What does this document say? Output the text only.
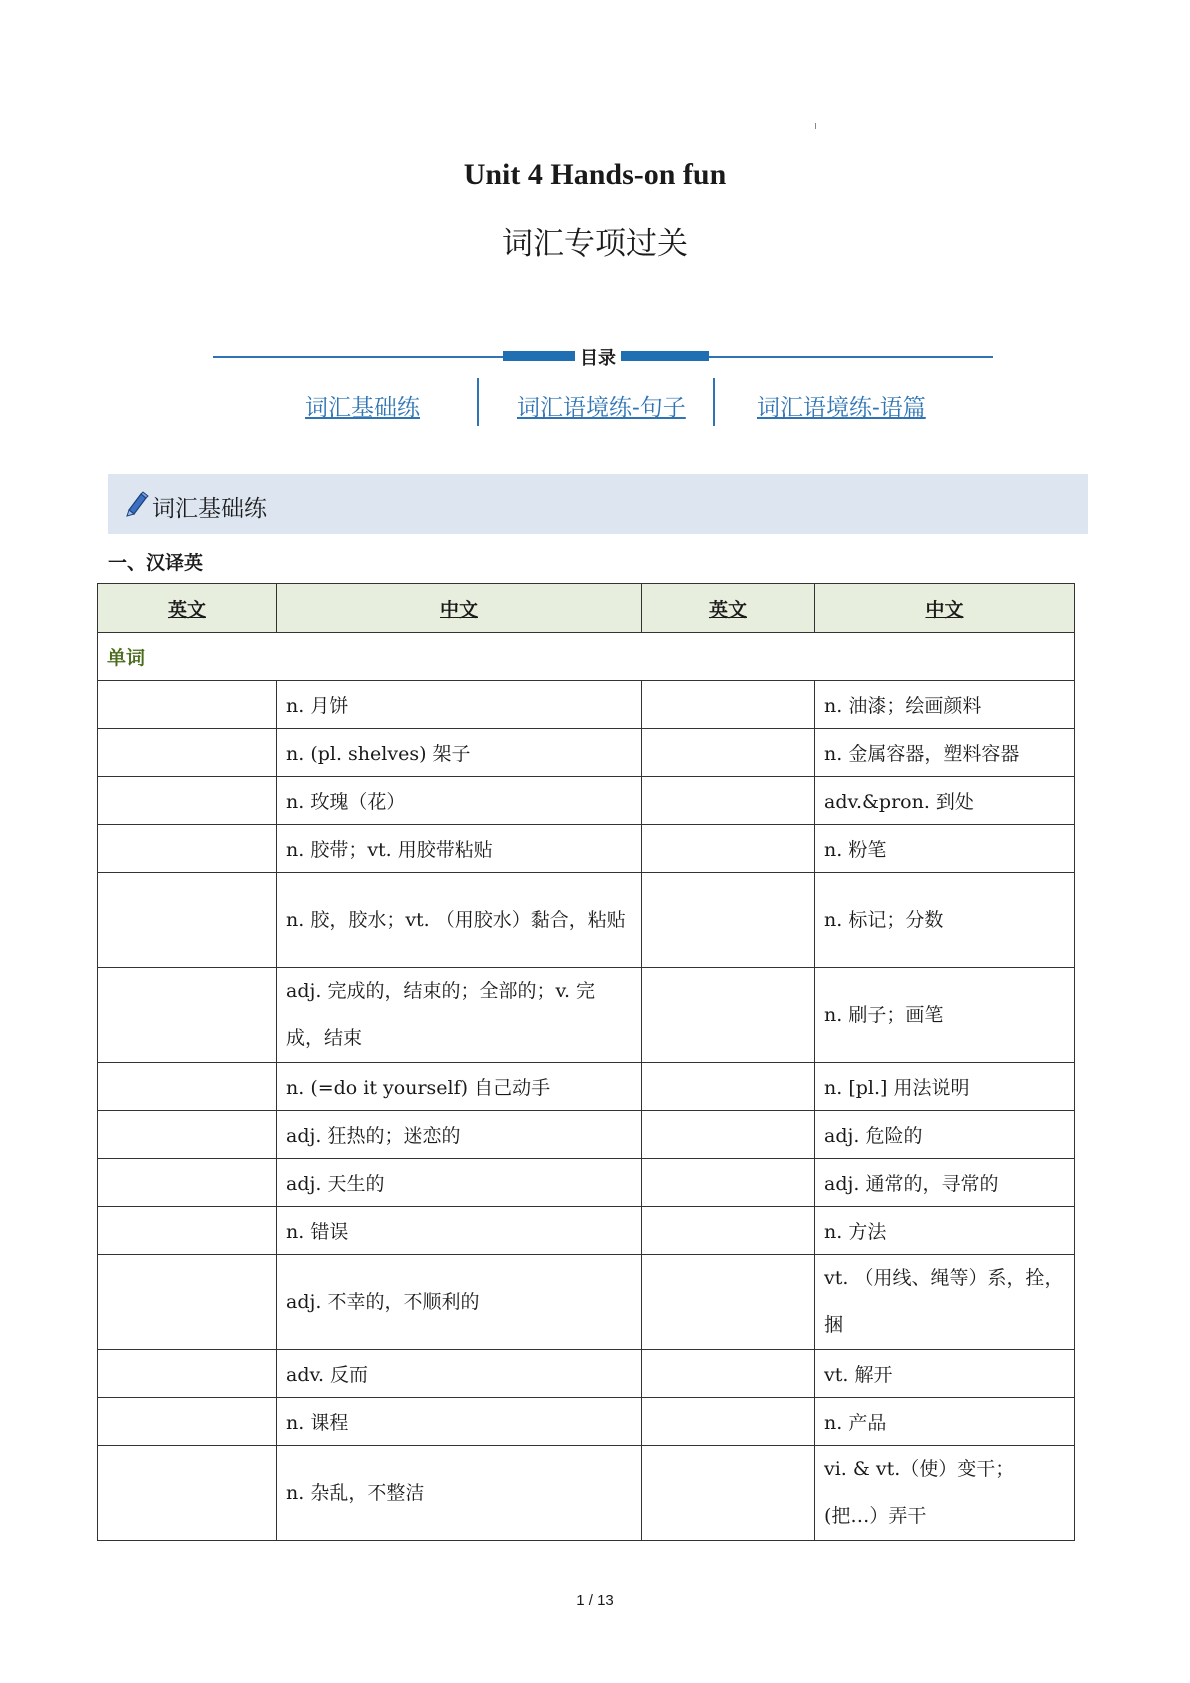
Unit 4 Hands-on fun
词汇专项过关
目录
词汇基础练	词汇语境练-句子	词汇语境练-语篇
词汇基础练
一、汉译英
英文	中文	英文	中文
单词			
	n. 月饼		n. 油漆；绘画颜料
	n. (pl. shelves) 架子		n. 金属容器，塑料容器
	n. 玫瑰（花）		adv.&pron. 到处
	n. 胶带；vt. 用胶带粘贴		n. 粉笔
	n. 胶，胶水；vt. （用胶水）黏合，粘贴		n. 标记；分数
	adj. 完成的，结束的；全部的；v. 完成，结束		n. 刷子；画笔
	n. (=do it yourself) 自己动手		n. [pl.] 用法说明
	adj. 狂热的；迷恋的		adj. 危险的
	adj. 天生的		adj. 通常的，寻常的
	n. 错误		n. 方法
	adj. 不幸的，不顺利的		vt. （用线、绳等）系，拴，捆
	adv. 反而		vt. 解开
	n. 课程		n. 产品
	n. 杂乱，不整洁		vi. & vt.（使）变干；(把…）弄干
1 / 13
